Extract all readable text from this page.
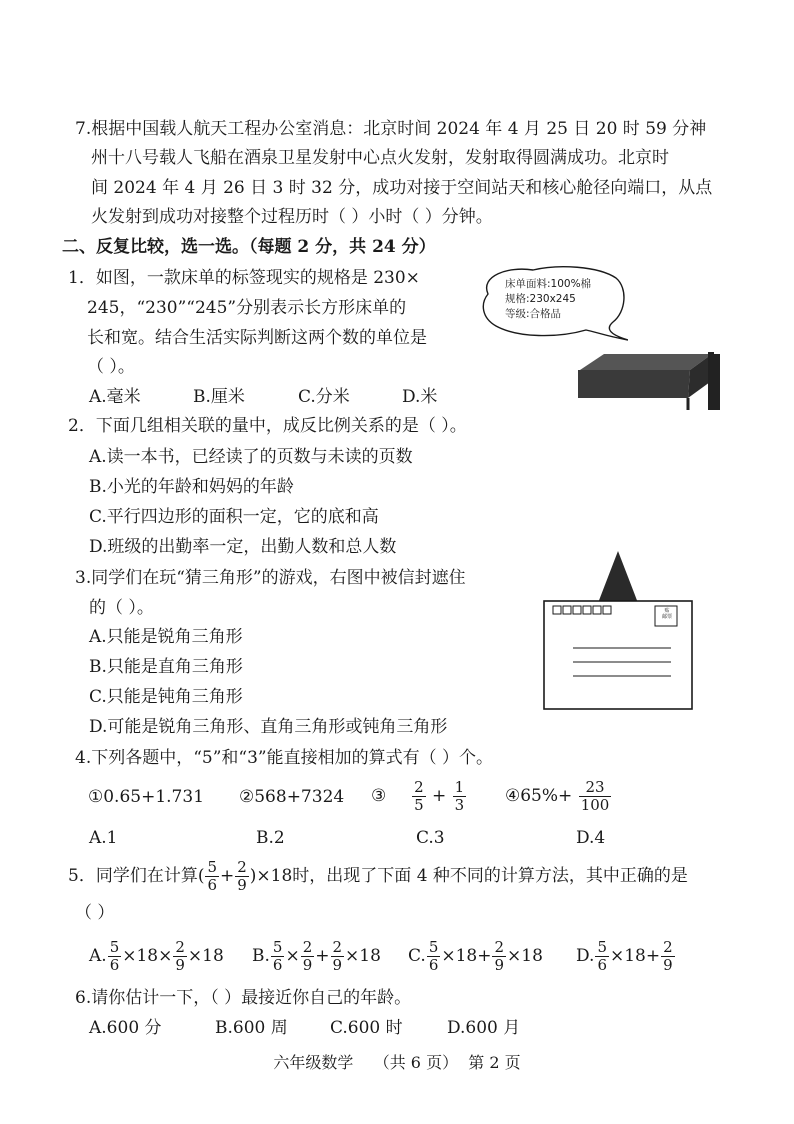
7.根据中国载人航天工程办公室消息：北京时间 2024 年 4 月 25 日 20 时 59 分神
州十八号载人飞船在酒泉卫星发射中心点火发射，发射取得圆满成功。北京时
间 2024 年 4 月 26 日 3 时 32 分，成功对接于空间站天和核心舱径向端口，从点
火发射到成功对接整个过程历时（ ）小时（ ）分钟。
二、反复比较，选一选。（每题 2 分，共 24 分）
1．如图，一款床单的标签现实的规格是 230×
245，“230”“245”分别表示长方形床单的
长和宽。结合生活实际判断这两个数的单位是
（ ）。
A.毫米	B.厘米	C.分米	D.米
床单面料:100%棉
规格:230x245
等级:合格品
2．下面几组相关联的量中，成反比例关系的是（ ）。
A.读一本书，已经读了的页数与未读的页数
B.小光的年龄和妈妈的年龄
C.平行四边形的面积一定，它的底和高
D.班级的出勤率一定，出勤人数和总人数
3.同学们在玩“猜三角形”的游戏，右图中被信封遮住
的（ ）。
A.只能是锐角三角形
B.只能是直角三角形
C.只能是钝角三角形
D.可能是锐角三角形、直角三角形或钝角三角形
贴
邮票
4.下列各题中，“5”和“3”能直接相加的算式有（ ）个。
①0.65+1.731 ②568+7324 ③ $\frac{2}{5} + \frac{1}{3}$ ④65%+ $\frac{23}{100}$
A.1	B.2	C.3	D.4
5．同学们在计算( $\frac{5}{6} + \frac{2}{9} )\times 18$时，出现了下面 4 种不同的计算方法，其中正确的是
（ ）
A. $\frac{5}{6} \times 18\times \frac{2}{9} \times 18$ B. $\frac{5}{6} \times \frac{2}{9} + \frac{2}{9} \times 18$ C. $\frac{5}{6} \times 18+ \frac{2}{9} \times 18$ D. $\frac{5}{6} \times 18+ \frac{2}{9}$
6.请你估计一下，（ ）最接近你自己的年龄。
A.600 分	B.600 周 C.600 时	D.600 月
六年级数学    （共 6 页）  第 2 页
